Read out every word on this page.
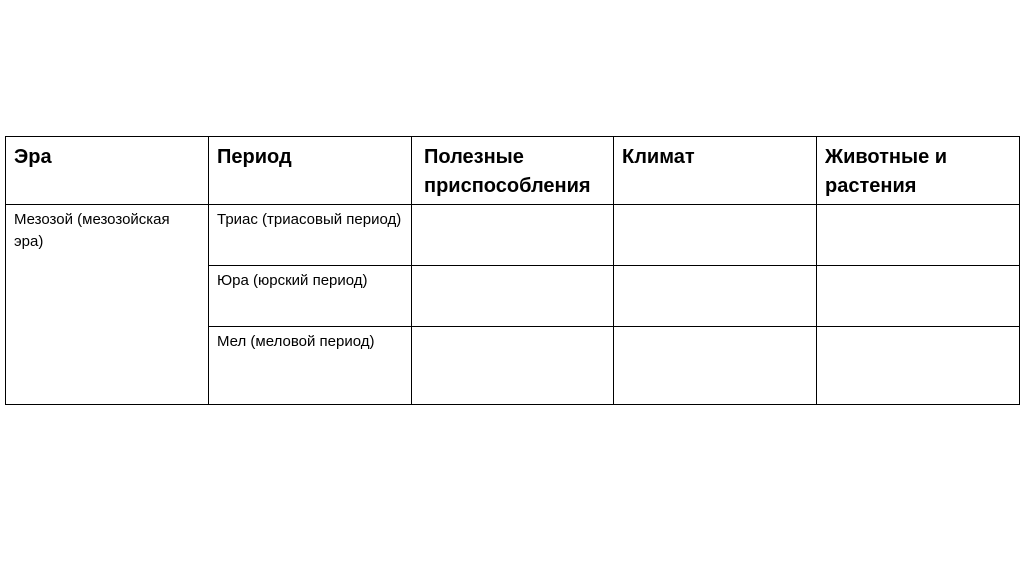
Эра	Период	Полезные приспособления	Климат	Животные и растения

Мезозой (мезозойская эра)	Триас (триасовый период)			

	Юра (юрский период)			

	Мел (меловой период)			
